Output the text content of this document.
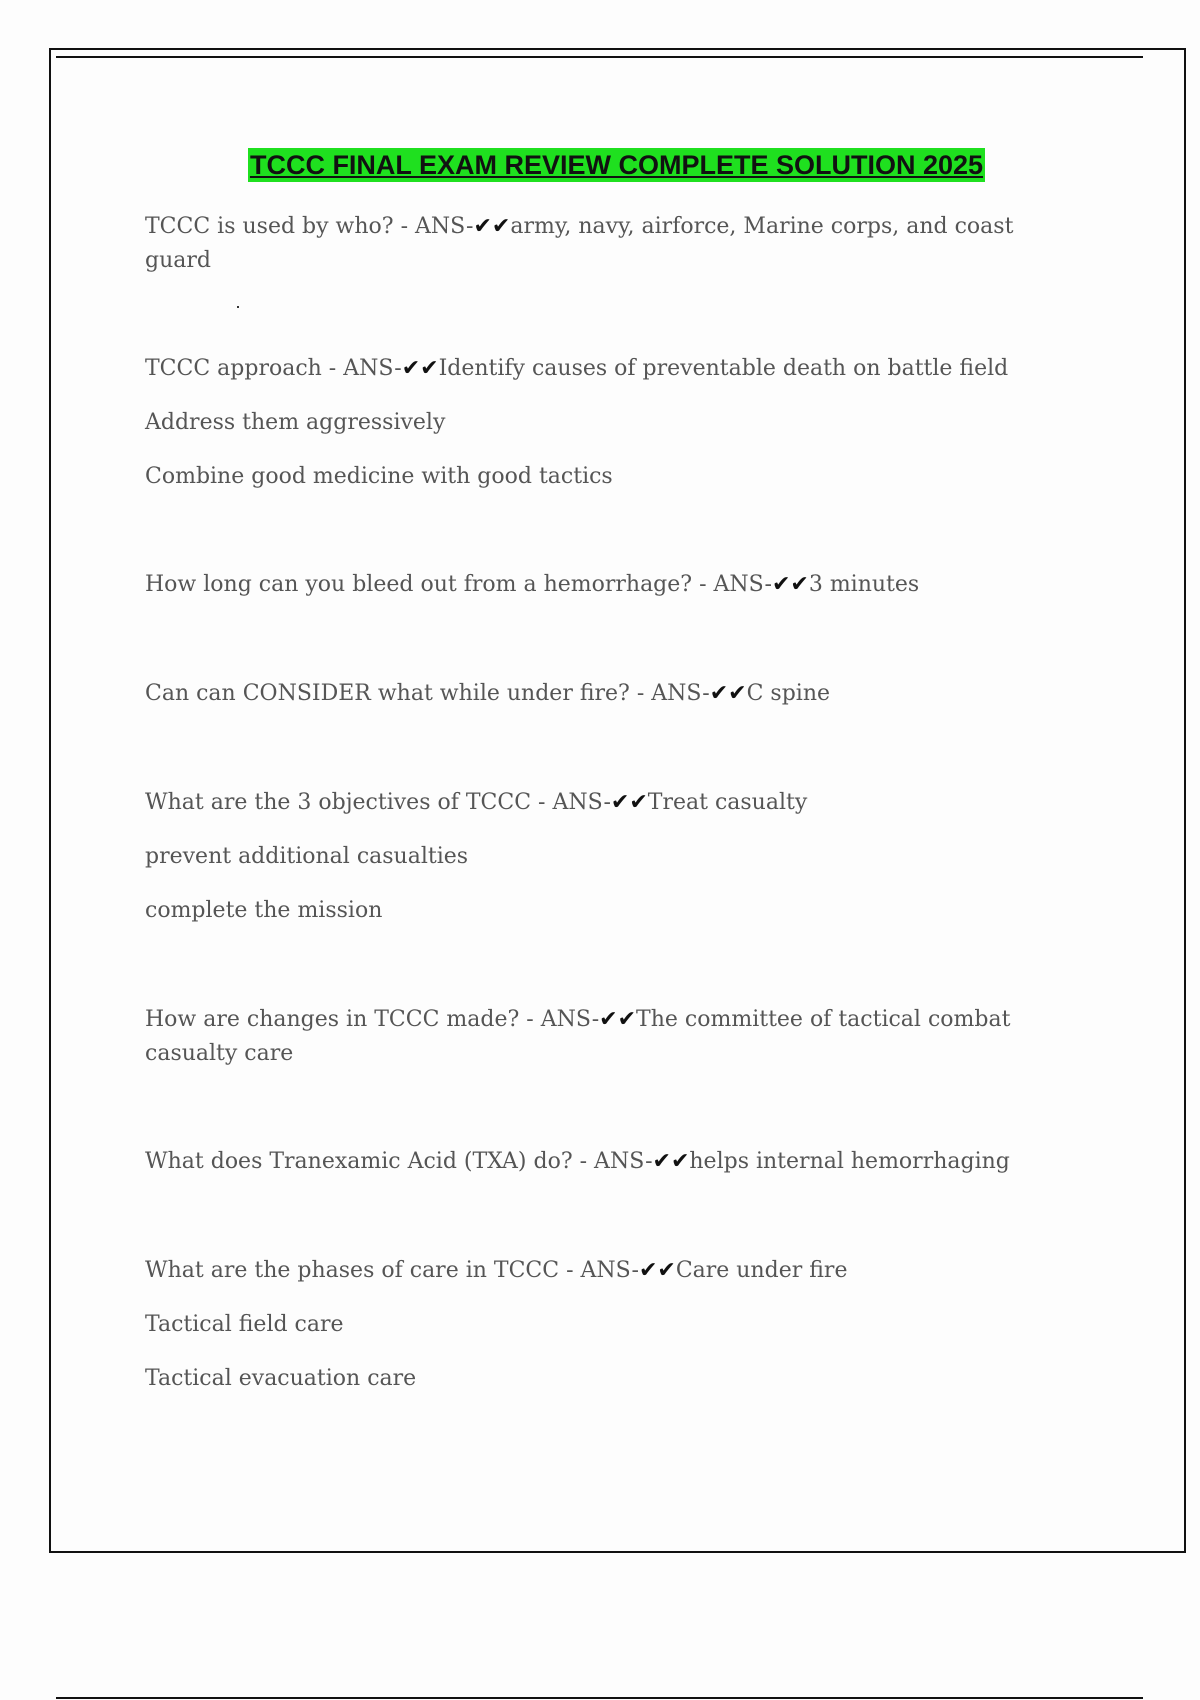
TCCC FINAL EXAM REVIEW COMPLETE SOLUTION 2025

TCCC is used by who? - ANS-✔✔army, navy, airforce, Marine corps, and coast guard

TCCC approach - ANS-✔✔Identify causes of preventable death on battle field

Address them aggressively

Combine good medicine with good tactics

How long can you bleed out from a hemorrhage? - ANS-✔✔3 minutes

Can can CONSIDER what while under fire? - ANS-✔✔C spine

What are the 3 objectives of TCCC - ANS-✔✔Treat casualty

prevent additional casualties

complete the mission

How are changes in TCCC made? - ANS-✔✔The committee of tactical combat casualty care

What does Tranexamic Acid (TXA) do? - ANS-✔✔helps internal hemorrhaging

What are the phases of care in TCCC - ANS-✔✔Care under fire

Tactical field care

Tactical evacuation care
